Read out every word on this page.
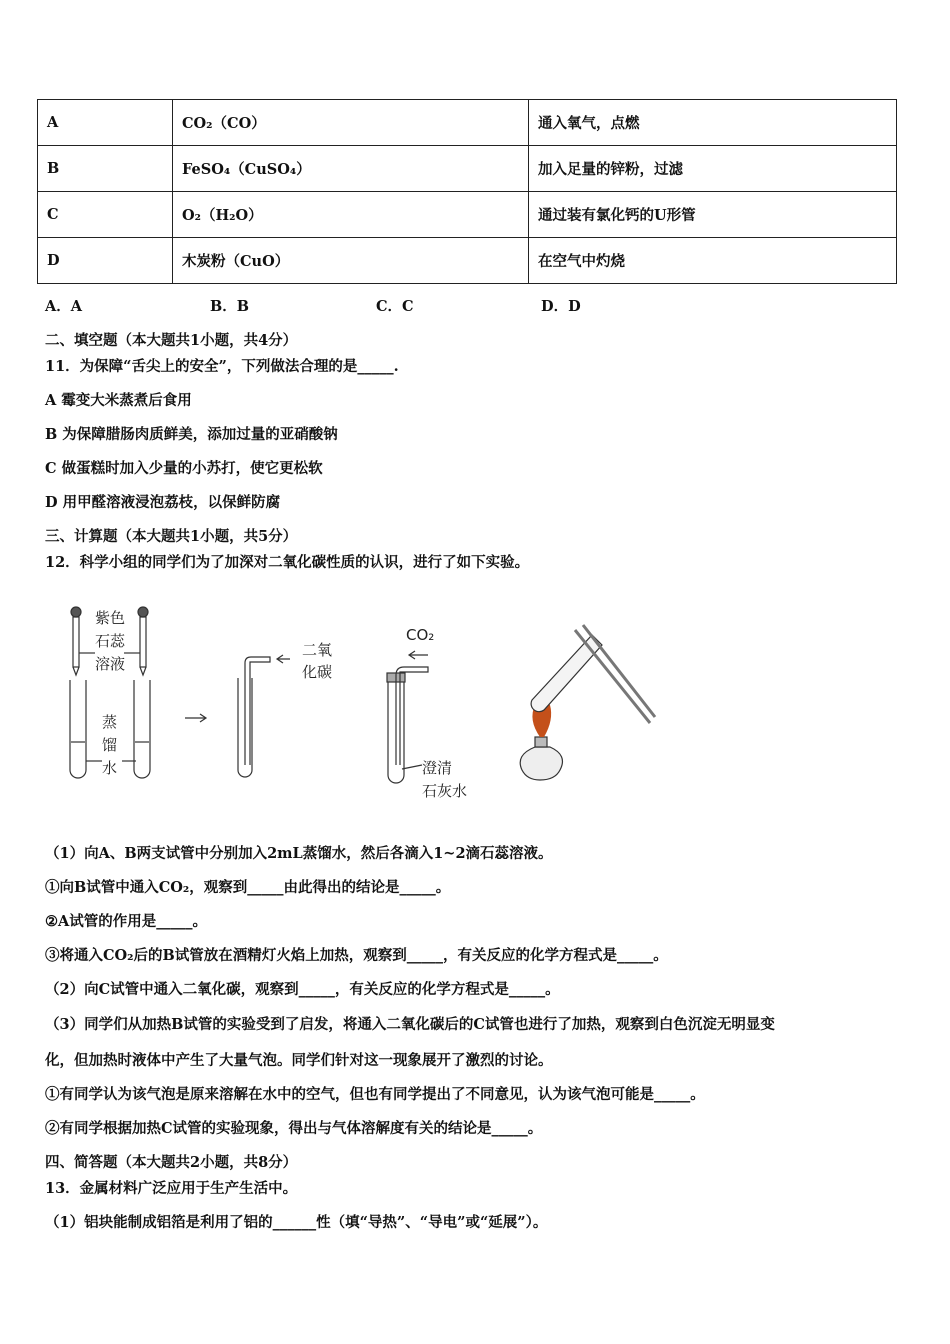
A	CO₂（CO）	通入氧气，点燃
B	FeSO₄（CuSO₄）	加入足量的锌粉，过滤
C	O₂（H₂O）	通过装有氯化钙的U形管
D	木炭粉（CuO）	在空气中灼烧
A．A	B．B	C．C	D．D
二、填空题（本大题共1小题，共4分）
11．为保障“舌尖上的安全”，下列做法合理的是_____.
A 霉变大米蒸煮后食用
B 为保障腊肠肉质鲜美，添加过量的亚硝酸钠
C 做蛋糕时加入少量的小苏打，使它更松软
D 用甲醛溶液浸泡荔枝，以保鲜防腐
三、计算题（本大题共1小题，共5分）
12．科学小组的同学们为了加深对二氧化碳性质的认识，进行了如下实验。
紫色
石蕊
溶液
蒸
馏
水
二氧
化碳
CO₂
澄清
石灰水
（1）向A、B两支试管中分别加入2mL蒸馏水，然后各滴入1~2滴石蕊溶液。
①向B试管中通入CO₂，观察到_____由此得出的结论是_____。
②A试管的作用是_____。
③将通入CO₂后的B试管放在酒精灯火焰上加热，观察到_____，有关反应的化学方程式是_____。
（2）向C试管中通入二氧化碳，观察到_____，有关反应的化学方程式是_____。
（3）同学们从加热B试管的实验受到了启发，将通入二氧化碳后的C试管也进行了加热，观察到白色沉淀无明显变
化，但加热时液体中产生了大量气泡。同学们针对这一现象展开了激烈的讨论。
①有同学认为该气泡是原来溶解在水中的空气，但也有同学提出了不同意见，认为该气泡可能是_____。
②有同学根据加热C试管的实验现象，得出与气体溶解度有关的结论是_____。
四、简答题（本大题共2小题，共8分）
13．金属材料广泛应用于生产生活中。
（1）铝块能制成铝箔是利用了铝的______性（填“导热”、“导电”或“延展”）。
